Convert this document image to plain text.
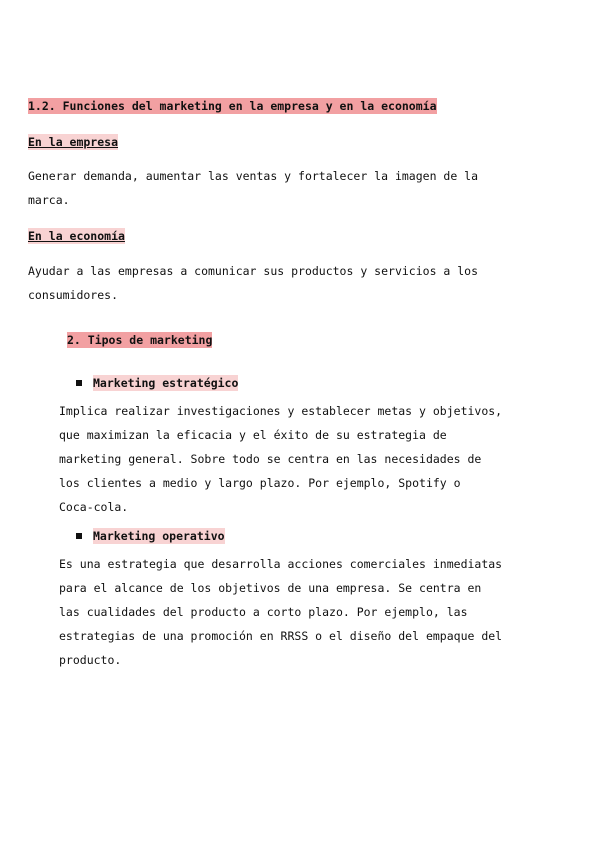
1.2. Funciones del marketing en la empresa y en la economía
En la empresa
Generar demanda, aumentar las ventas y fortalecer la imagen de la
marca.
En la economía
Ayudar a las empresas a comunicar sus productos y servicios a los
consumidores.
2. Tipos de marketing
Marketing estratégico
Implica realizar investigaciones y establecer metas y objetivos,
que maximizan la eficacia y el éxito de su estrategia de
marketing general. Sobre todo se centra en las necesidades de
los clientes a medio y largo plazo. Por ejemplo, Spotify o
Coca-cola.
Marketing operativo
Es una estrategia que desarrolla acciones comerciales inmediatas
para el alcance de los objetivos de una empresa. Se centra en
las cualidades del producto a corto plazo. Por ejemplo, las
estrategias de una promoción en RRSS o el diseño del empaque del
producto.
